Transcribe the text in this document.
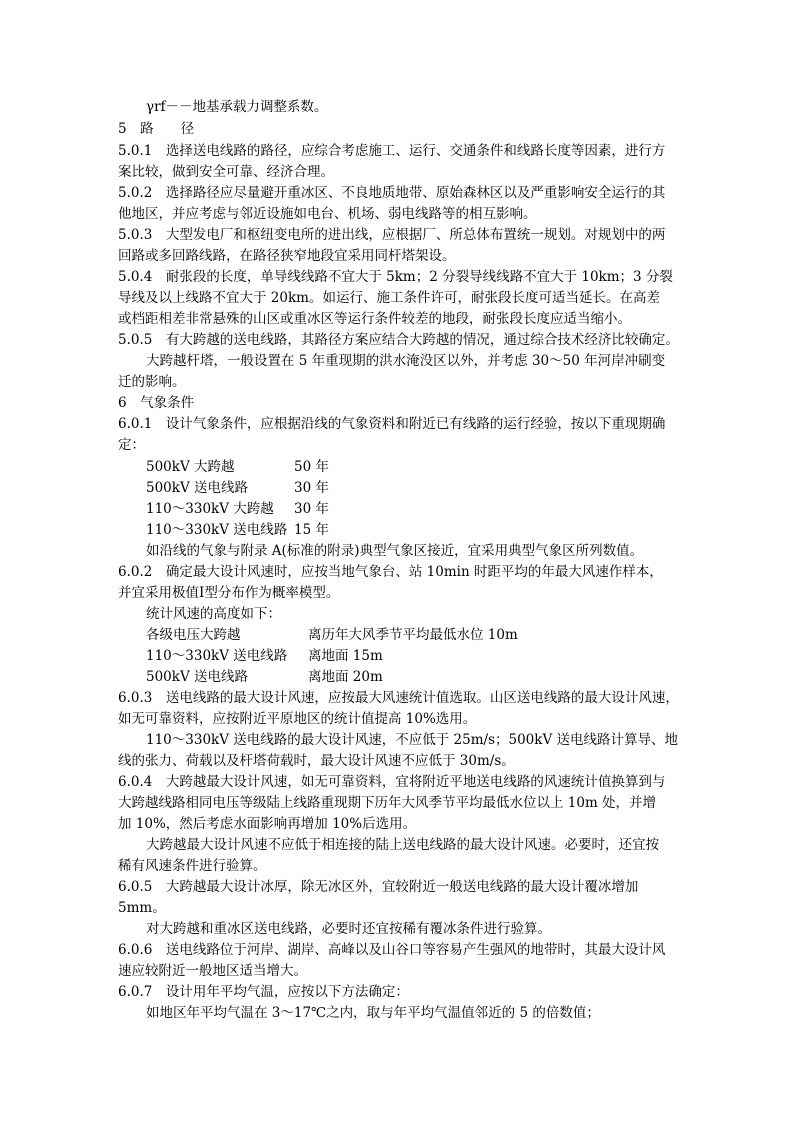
γrf－－地基承载力调整系数。
5　路　　径
5.0.1　选择送电线路的路径，应综合考虑施工、运行、交通条件和线路长度等因素，进行方
案比较，做到安全可靠、经济合理。
5.0.2　选择路径应尽量避开重冰区、不良地质地带、原始森林区以及严重影响安全运行的其
他地区，并应考虑与邻近设施如电台、机场、弱电线路等的相互影响。
5.0.3　大型发电厂和枢纽变电所的进出线，应根据厂、所总体布置统一规划。对规划中的两
回路或多回路线路，在路径狭窄地段宜采用同杆塔架设。
5.0.4　耐张段的长度，单导线线路不宜大于 5km；2 分裂导线线路不宜大于 10km；3 分裂
导线及以上线路不宜大于 20km。如运行、施工条件许可，耐张段长度可适当延长。在高差
或档距相差非常悬殊的山区或重冰区等运行条件较差的地段，耐张段长度应适当缩小。
5.0.5　有大跨越的送电线路，其路径方案应结合大跨越的情况，通过综合技术经济比较确定。
大跨越杆塔，一般设置在 5 年重现期的洪水淹没区以外，并考虑 30～50 年河岸冲刷变
迁的影响。
6　气象条件
6.0.1　设计气象条件，应根据沿线的气象资料和附近已有线路的运行经验，按以下重现期确
定：
500kV 大跨越	50 年
500kV 送电线路	30 年
110～330kV 大跨越 30 年
110～330kV 送电线路 15 年
如沿线的气象与附录 A(标准的附录)典型气象区接近，宜采用典型气象区所列数值。
6.0.2　确定最大设计风速时，应按当地气象台、站 10min 时距平均的年最大风速作样本，
并宜采用极值Ⅰ型分布作为概率模型。
统计风速的高度如下：
各级电压大跨越	离历年大风季节平均最低水位 10m
110～330kV 送电线路 离地面 15m
500kV 送电线路	离地面 20m
6.0.3　送电线路的最大设计风速，应按最大风速统计值选取。山区送电线路的最大设计风速，
如无可靠资料，应按附近平原地区的统计值提高 10%选用。
110～330kV 送电线路的最大设计风速，不应低于 25m/s；500kV 送电线路计算导、地
线的张力、荷载以及杆塔荷载时，最大设计风速不应低于 30m/s。
6.0.4　大跨越最大设计风速，如无可靠资料，宜将附近平地送电线路的风速统计值换算到与
大跨越线路相同电压等级陆上线路重现期下历年大风季节平均最低水位以上 10m 处，并增
加 10%，然后考虑水面影响再增加 10%后选用。
大跨越最大设计风速不应低于相连接的陆上送电线路的最大设计风速。必要时，还宜按
稀有风速条件进行验算。
6.0.5　大跨越最大设计冰厚，除无冰区外，宜较附近一般送电线路的最大设计覆冰增加
5mm。
对大跨越和重冰区送电线路，必要时还宜按稀有覆冰条件进行验算。
6.0.6　送电线路位于河岸、湖岸、高峰以及山谷口等容易产生强风的地带时，其最大设计风
速应较附近一般地区适当增大。
6.0.7　设计用年平均气温，应按以下方法确定：
如地区年平均气温在 3～17℃之内，取与年平均气温值邻近的 5 的倍数值；
